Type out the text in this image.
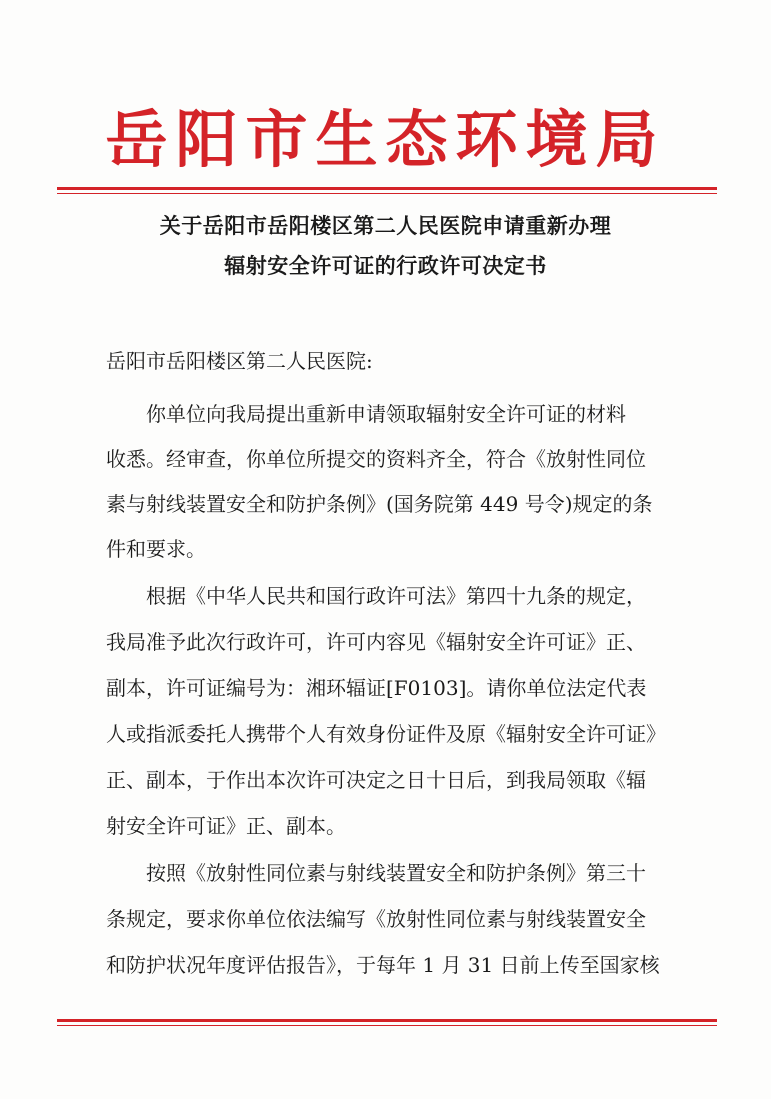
岳阳市生态环境局
关于岳阳市岳阳楼区第二人民医院申请重新办理
辐射安全许可证的行政许可决定书
岳阳市岳阳楼区第二人民医院:
你单位向我局提出重新申请领取辐射安全许可证的材料
收悉。经审查，你单位所提交的资料齐全，符合《放射性同位
素与射线装置安全和防护条例》(国务院第 449 号令)规定的条
件和要求。
根据《中华人民共和国行政许可法》第四十九条的规定，
我局准予此次行政许可，许可内容见《辐射安全许可证》正、
副本，许可证编号为：湘环辐证[F0103]。请你单位法定代表
人或指派委托人携带个人有效身份证件及原《辐射安全许可证》
正、副本，于作出本次许可决定之日十日后，到我局领取《辐
射安全许可证》正、副本。
按照《放射性同位素与射线装置安全和防护条例》第三十
条规定，要求你单位依法编写《放射性同位素与射线装置安全
和防护状况年度评估报告》，于每年 1 月 31 日前上传至国家核
